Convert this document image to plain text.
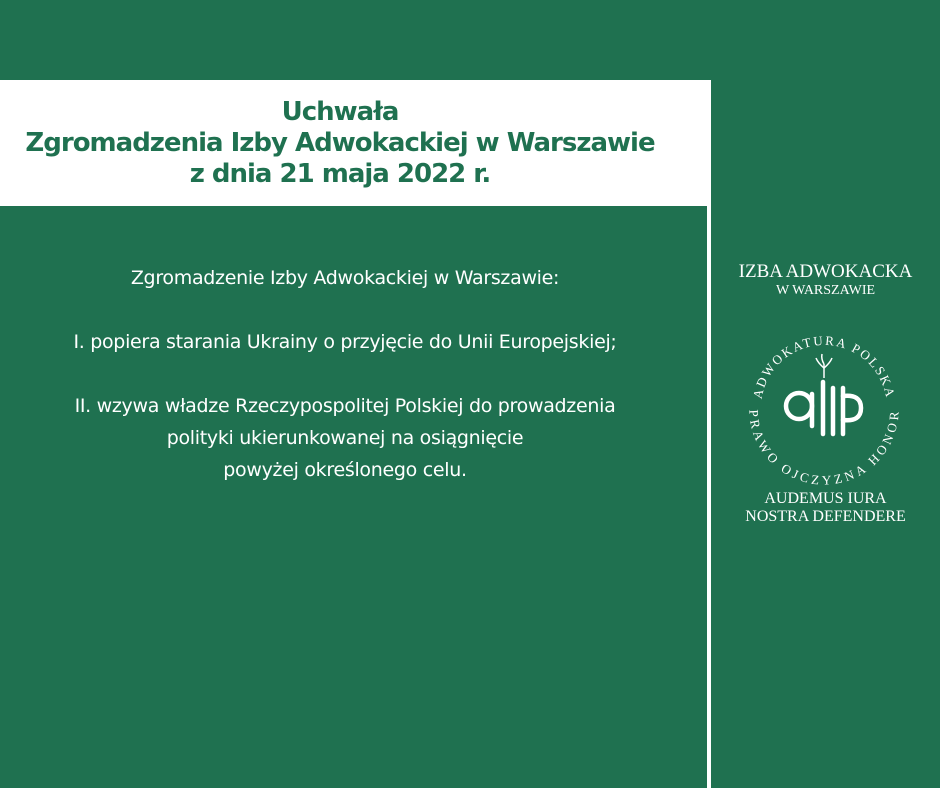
Uchwała
Zgromadzenia Izby Adwokackiej w Warszawie
z dnia 21 maja 2022 r.
Zgromadzenie Izby Adwokackiej w Warszawie:
I. popiera starania Ukrainy o przyjęcie do Unii Europejskiej;
II. wzywa władze Rzeczypospolitej Polskiej do prowadzenia
polityki ukierunkowanej na osiągnięcie
powyżej określonego celu.
IZBA ADWOKACKA
W WARSZAWIE
ADWOKATURA POLSKA
PRAWO OJCZYZNA HONOR
AUDEMUS IURA
NOSTRA DEFENDERE
